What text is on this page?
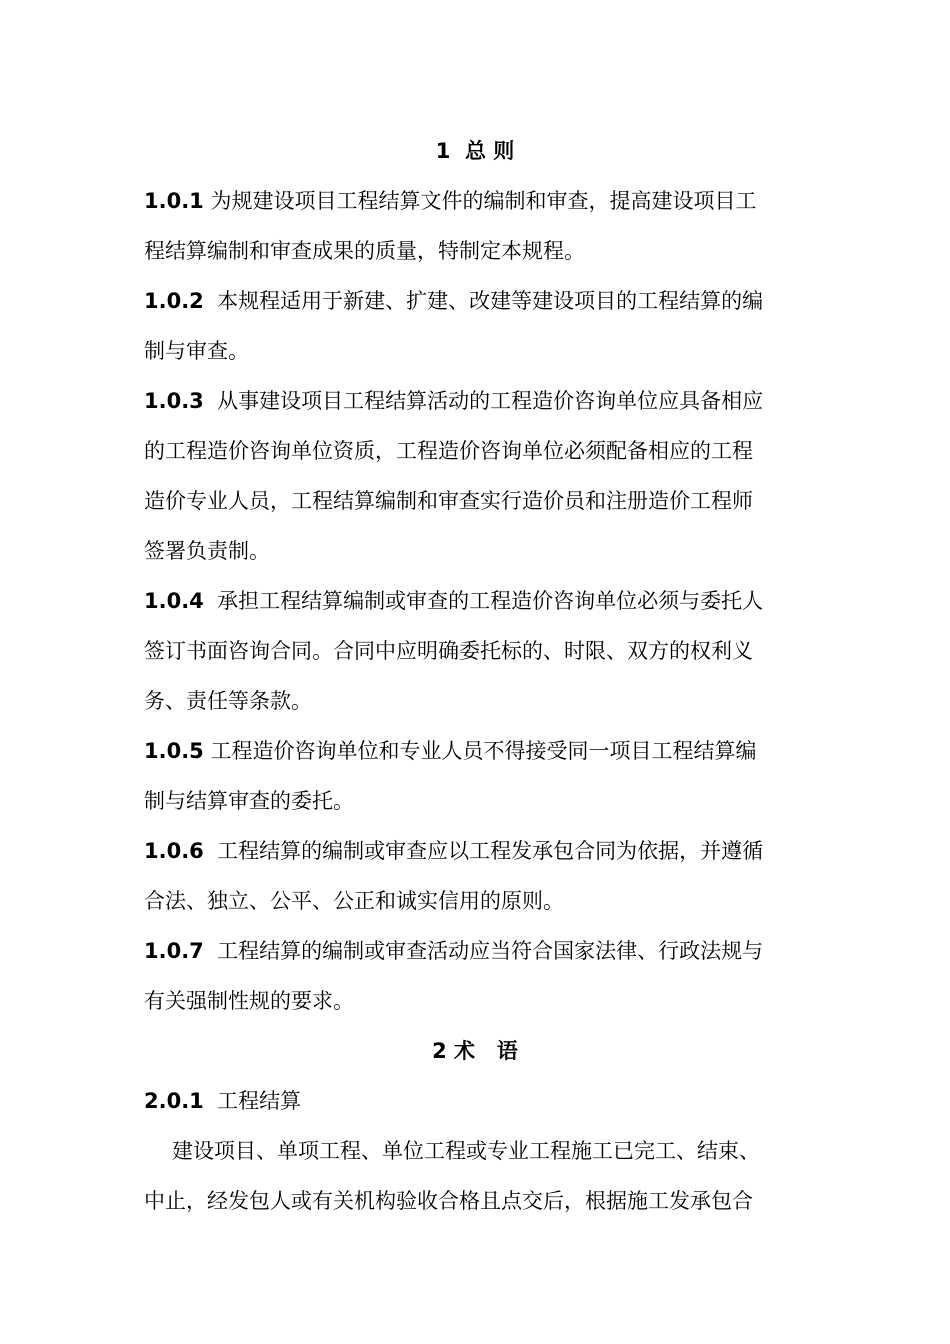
1  总 则
1.0.1 为规建设项目工程结算文件的编制和审查，提高建设项目工
程结算编制和审查成果的质量，特制定本规程。
1.0.2 本规程适用于新建、扩建、改建等建设项目的工程结算的编
制与审查。
1.0.3 从事建设项目工程结算活动的工程造价咨询单位应具备相应
的工程造价咨询单位资质，工程造价咨询单位必须配备相应的工程
造价专业人员，工程结算编制和审查实行造价员和注册造价工程师
签署负责制。
1.0.4 承担工程结算编制或审查的工程造价咨询单位必须与委托人
签订书面咨询合同。合同中应明确委托标的、时限、双方的权利义
务、责任等条款。
1.0.5 工程造价咨询单位和专业人员不得接受同一项目工程结算编
制与结算审查的委托。
1.0.6 工程结算的编制或审查应以工程发承包合同为依据，并遵循
合法、独立、公平、公正和诚实信用的原则。
1.0.7 工程结算的编制或审查活动应当符合国家法律、行政法规与
有关强制性规的要求。
2 术   语
2.0.1 工程结算
建设项目、单项工程、单位工程或专业工程施工已完工、结束、
中止，经发包人或有关机构验收合格且点交后，根据施工发承包合
